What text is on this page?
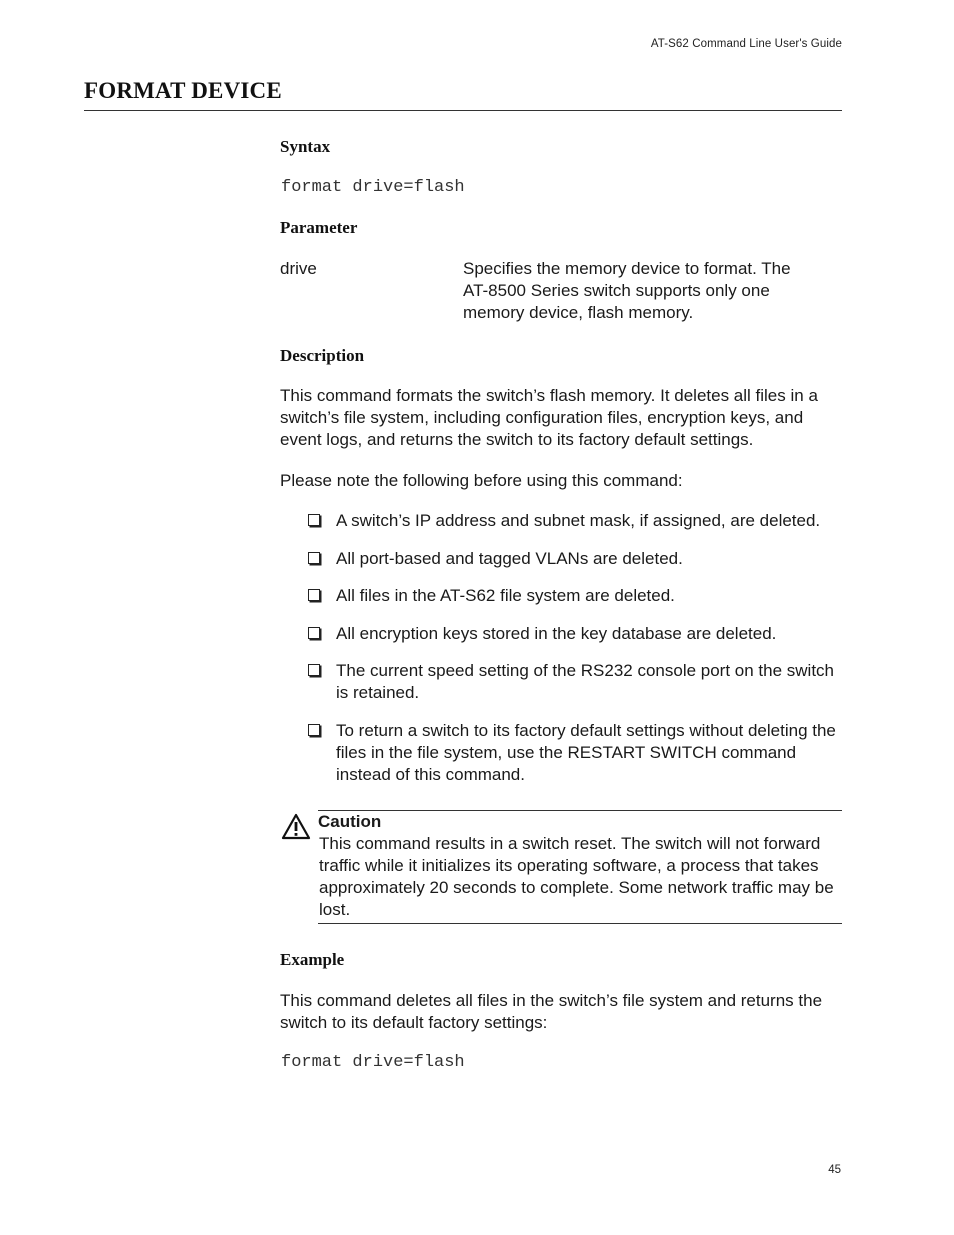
AT-S62 Command Line User's Guide
FORMAT DEVICE
Syntax
format drive=flash
Parameter
drive	Specifies the memory device to format. The AT-8500 Series switch supports only one memory device, flash memory.
Description
This command formats the switch’s flash memory. It deletes all files in a switch’s file system, including configuration files, encryption keys, and event logs, and returns the switch to its factory default settings.
Please note the following before using this command:
A switch’s IP address and subnet mask, if assigned, are deleted.
All port-based and tagged VLANs are deleted.
All files in the AT-S62 file system are deleted.
All encryption keys stored in the key database are deleted.
The current speed setting of the RS232 console port on the switch is retained.
To return a switch to its factory default settings without deleting the files in the file system, use the RESTART SWITCH command instead of this command.
Caution
This command results in a switch reset. The switch will not forward traffic while it initializes its operating software, a process that takes approximately 20 seconds to complete. Some network traffic may be lost.
Example
This command deletes all files in the switch’s file system and returns the switch to its default factory settings:
format drive=flash
45
